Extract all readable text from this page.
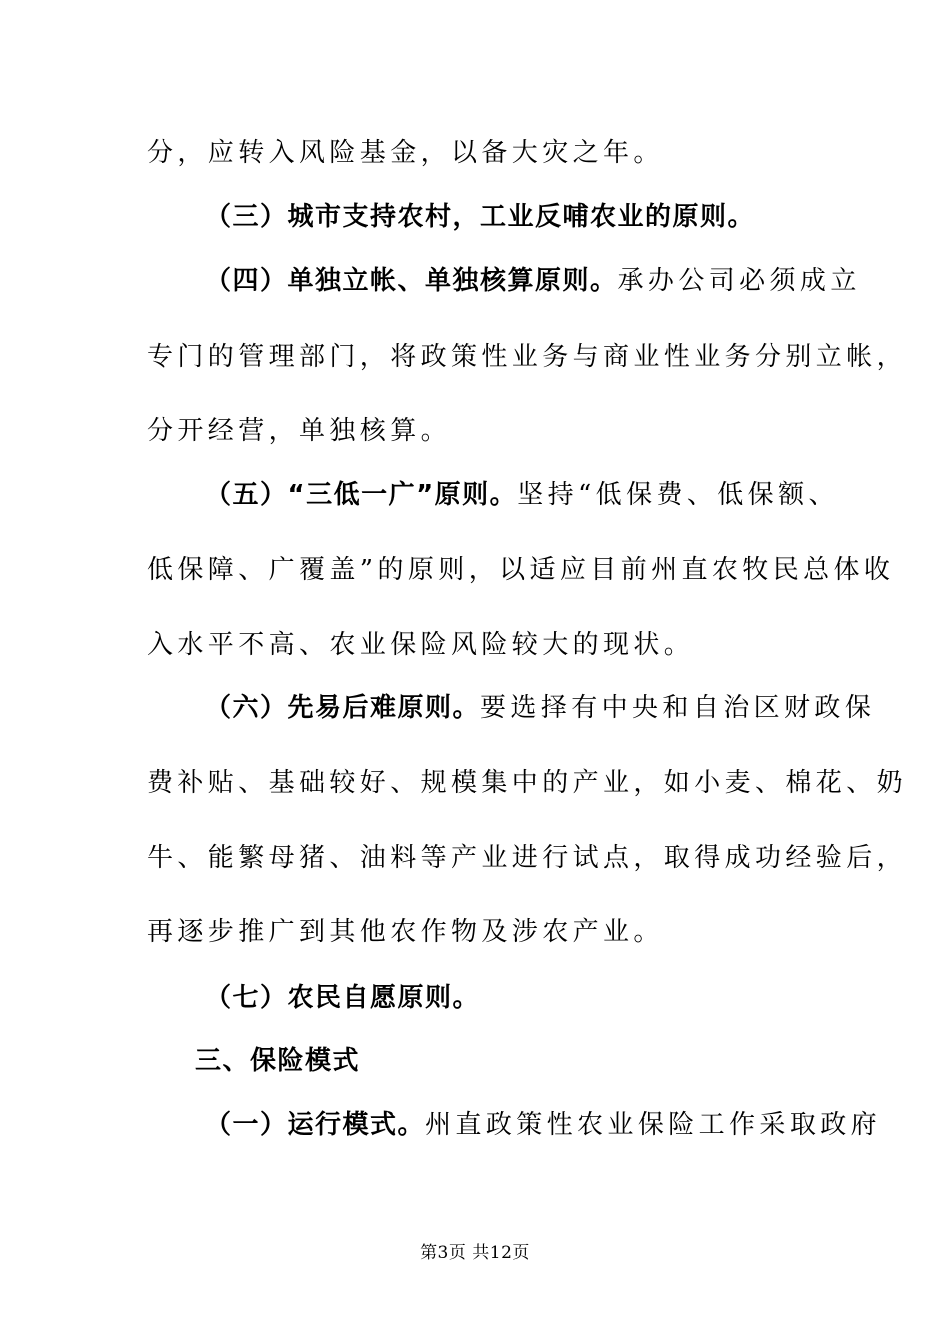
分，应转入风险基金，以备大灾之年。
（三）城市支持农村，工业反哺农业的原则。
（四）单独立帐、单独核算原则。承办公司必须成立
专门的管理部门，将政策性业务与商业性业务分别立帐，
分开经营，单独核算。
（五）“三低一广”原则。坚持“低保费、低保额、
低保障、广覆盖”的原则，以适应目前州直农牧民总体收
入水平不高、农业保险风险较大的现状。
（六）先易后难原则。要选择有中央和自治区财政保
费补贴、基础较好、规模集中的产业，如小麦、棉花、奶
牛、能繁母猪、油料等产业进行试点，取得成功经验后，
再逐步推广到其他农作物及涉农产业。
（七）农民自愿原则。
三、保险模式
（一）运行模式。州直政策性农业保险工作采取政府
第3页 共12页
